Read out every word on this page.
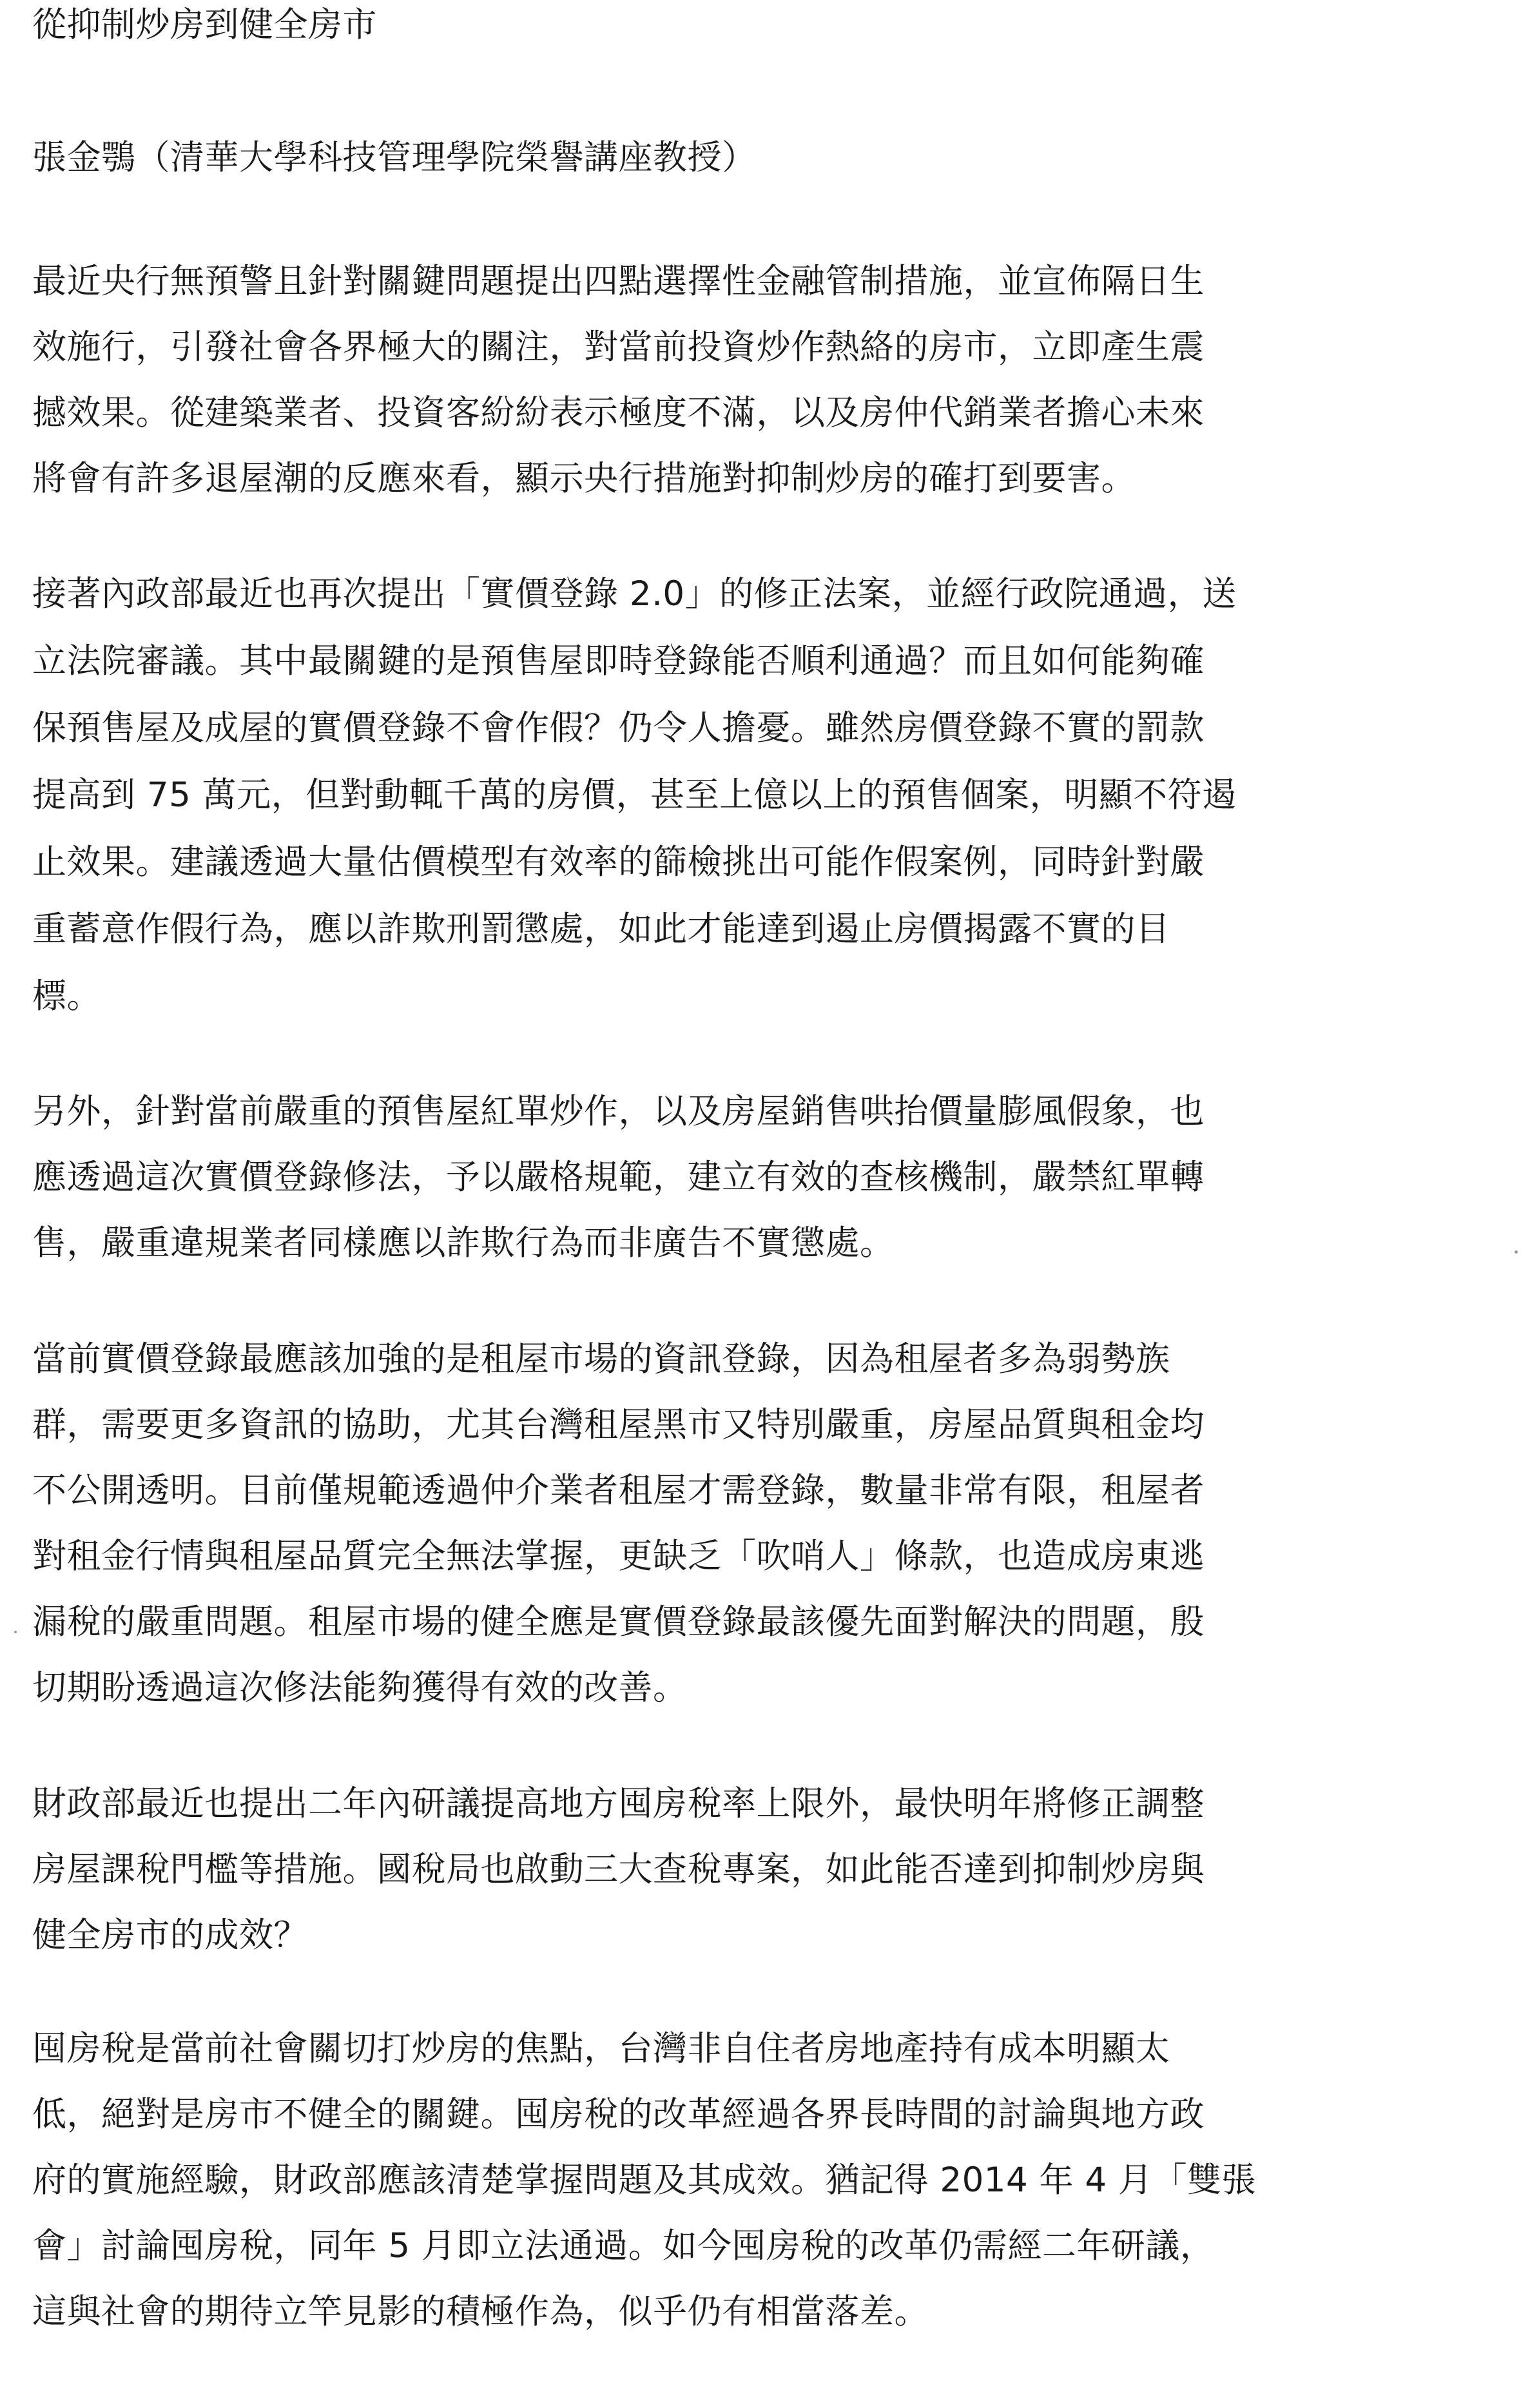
從抑制炒房到健全房市
張金鶚（清華大學科技管理學院榮譽講座教授）
最近央行無預警且針對關鍵問題提出四點選擇性金融管制措施，並宣佈隔日生
效施行，引發社會各界極大的關注，對當前投資炒作熱絡的房市，立即產生震
撼效果。從建築業者、投資客紛紛表示極度不滿，以及房仲代銷業者擔心未來
將會有許多退屋潮的反應來看，顯示央行措施對抑制炒房的確打到要害。
接著內政部最近也再次提出「實價登錄 2.0」的修正法案，並經行政院通過，送
立法院審議。其中最關鍵的是預售屋即時登錄能否順利通過？而且如何能夠確
保預售屋及成屋的實價登錄不會作假？仍令人擔憂。雖然房價登錄不實的罰款
提高到 75 萬元，但對動輒千萬的房價，甚至上億以上的預售個案，明顯不符遏
止效果。建議透過大量估價模型有效率的篩檢挑出可能作假案例，同時針對嚴
重蓄意作假行為，應以詐欺刑罰懲處，如此才能達到遏止房價揭露不實的目
標。
另外，針對當前嚴重的預售屋紅單炒作，以及房屋銷售哄抬價量膨風假象，也
應透過這次實價登錄修法，予以嚴格規範，建立有效的查核機制，嚴禁紅單轉
售，嚴重違規業者同樣應以詐欺行為而非廣告不實懲處。
當前實價登錄最應該加強的是租屋市場的資訊登錄，因為租屋者多為弱勢族
群，需要更多資訊的協助，尤其台灣租屋黑市又特別嚴重，房屋品質與租金均
不公開透明。目前僅規範透過仲介業者租屋才需登錄，數量非常有限，租屋者
對租金行情與租屋品質完全無法掌握，更缺乏「吹哨人」條款，也造成房東逃
漏稅的嚴重問題。租屋市場的健全應是實價登錄最該優先面對解決的問題，殷
切期盼透過這次修法能夠獲得有效的改善。
財政部最近也提出二年內研議提高地方囤房稅率上限外，最快明年將修正調整
房屋課稅門檻等措施。國稅局也啟動三大查稅專案，如此能否達到抑制炒房與
健全房市的成效？
囤房稅是當前社會關切打炒房的焦點，台灣非自住者房地產持有成本明顯太
低，絕對是房市不健全的關鍵。囤房稅的改革經過各界長時間的討論與地方政
府的實施經驗，財政部應該清楚掌握問題及其成效。猶記得 2014 年 4 月「雙張
會」討論囤房稅，同年 5 月即立法通過。如今囤房稅的改革仍需經二年研議，
這與社會的期待立竿見影的積極作為，似乎仍有相當落差。
